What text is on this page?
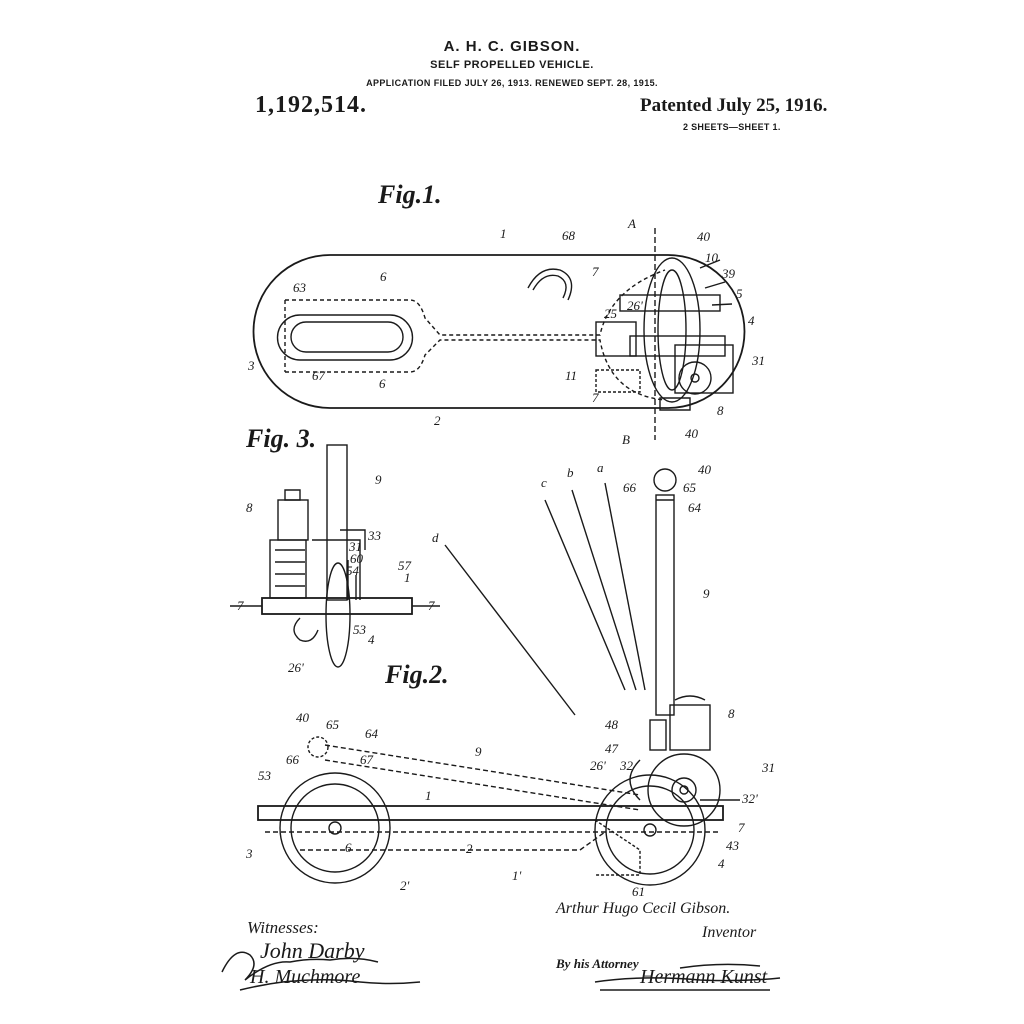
A. H. C. GIBSON.
SELF PROPELLED VEHICLE.
APPLICATION FILED JULY 26, 1913. RENEWED SEPT. 28, 1915.
1,192,514.	Patented July 25, 1916.
2 SHEETS—SHEET 1.
Fig.1.
Fig. 3.
Fig.2.
A
40
10
39
5
4
31
8
40
B
1	68
7
7
26'
25
11
6
63
3
67
6
2
9
8
33
31
60
54	57
1
7	7
53
4
26'
40
65
66
64
9
a
b
c
d
48
47
26' 32
8
31
32'
7
43
4
61
40 65
64
66	67
9
53
1
3	6	2
2'
1'
Arthur Hugo Cecil Gibson.
Inventor
Witnesses:
John Darby
H. Muchmore
By his Attorney
Hermann Kunst
